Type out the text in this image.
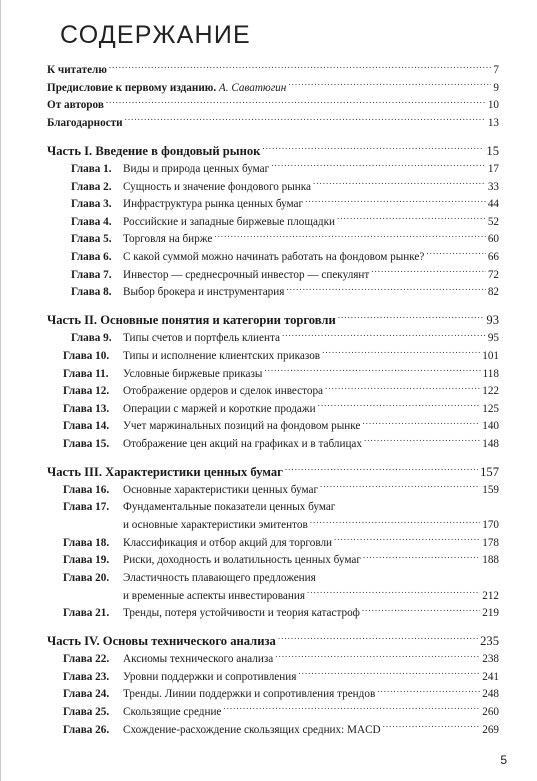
СОДЕРЖАНИЕ
К читателю .....	7
Предисловие к первому изданию. А. Саватюгин .....	9
От авторов .....	10
Благодарности .....	13
Часть I. Введение в фондовый рынок .....	15
Глава 1.	Виды и природа ценных бумаг .....	17
Глава 2.	Сущность и значение фондового рынка .....	33
Глава 3.	Инфраструктура рынка ценных бумаг .....	44
Глава 4.	Российские и западные биржевые площадки .....	52
Глава 5.	Торговля на бирже .....	60
Глава 6.	С какой суммой можно начинать работать на фондовом рынке? .....	66
Глава 7.	Инвестор — среднесрочный инвестор — спекулянт .....	72
Глава 8.	Выбор брокера и инструментария .....	82
Часть II. Основные понятия и категории торговли .....	93
Глава 9.	Типы счетов и портфель клиента .....	95
Глава 10.	Типы и исполнение клиентских приказов .....	101
Глава 11.	Условные биржевые приказы .....	118
Глава 12.	Отображение ордеров и сделок инвестора .....	122
Глава 13.	Операции с маржей и короткие продажи .....	125
Глава 14.	Учет маржинальных позиций на фондовом рынке .....	140
Глава 15.	Отображение цен акций на графиках и в таблицах .....	148
Часть III. Характеристики ценных бумаг .....	157
Глава 16.	Основные характеристики ценных бумаг .....	159
Глава 17.	Фундаментальные показатели ценных бумаг
и основные характеристики эмитентов .....	170
Глава 18.	Классификация и отбор акций для торговли .....	178
Глава 19.	Риски, доходность и волатильность ценных бумаг .....	188
Глава 20.	Эластичность плавающего предложения
и временные аспекты инвестирования .....	212
Глава 21.	Тренды, потеря устойчивости и теория катастроф .....	219
Часть IV. Основы технического анализа .....	235
Глава 22.	Аксиомы технического анализа .....	238
Глава 23.	Уровни поддержки и сопротивления .....	241
Глава 24.	Тренды. Линии поддержки и сопротивления трендов .....	248
Глава 25.	Скользящие средние .....	260
Глава 26.	Схождение-расхождение скользящих средних: MACD .....	269
5
